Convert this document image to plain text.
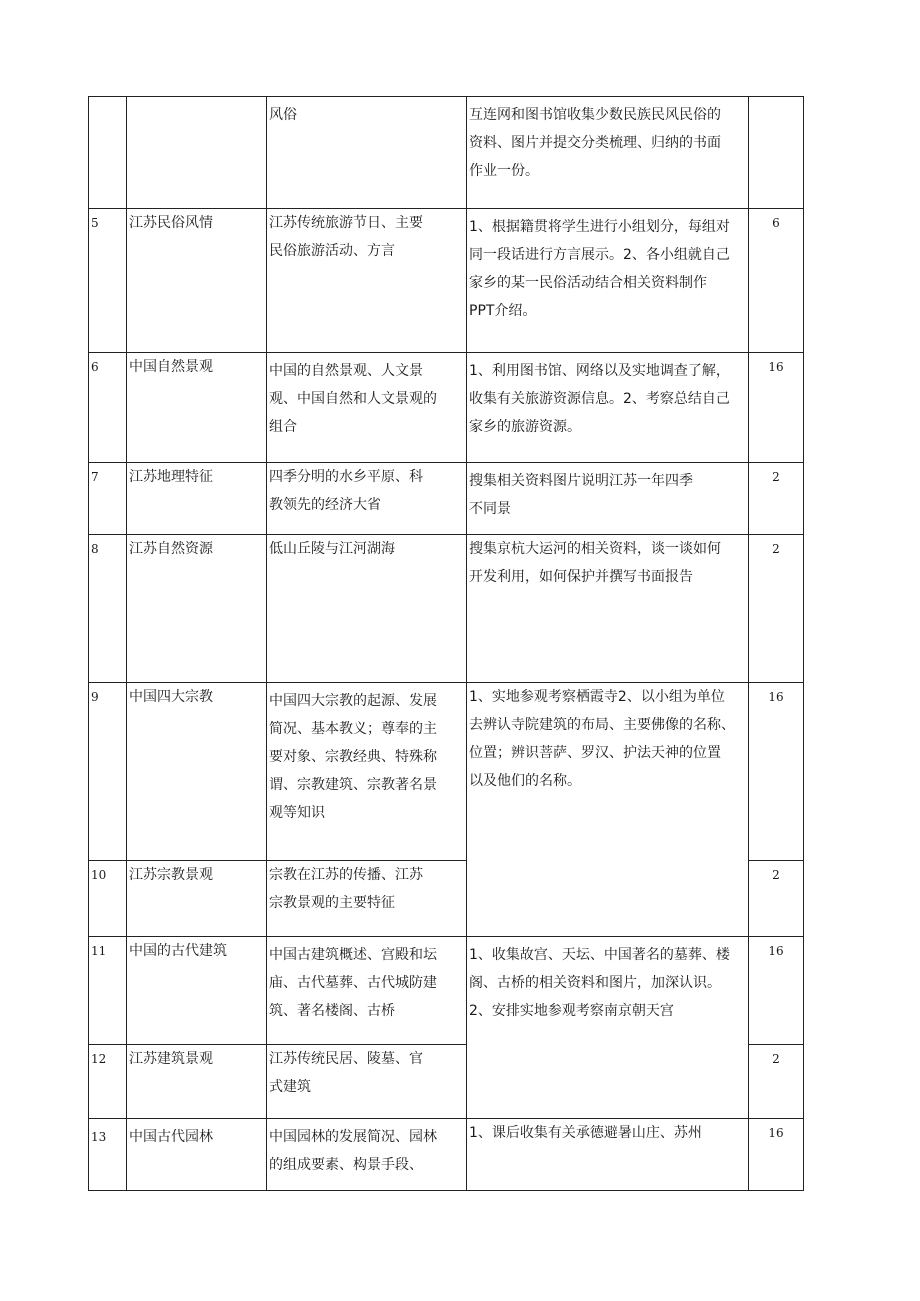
		风俗	互连网和图书馆收集少数民族民风民俗的
资料、图片并提交分类梳理、归纳的书面
作业一份。	

5	江苏民俗风情	江苏传统旅游节日、主要
民俗旅游活动、方言	1、根据籍贯将学生进行小组划分，每组对
同一段话进行方言展示。2、各小组就自己
家乡的某一民俗活动结合相关资料制作
PPT介绍。	6
6	中国自然景观	中国的自然景观、人文景
观、中国自然和人文景观的
组合	1、利用图书馆、网络以及实地调查了解，
收集有关旅游资源信息。2、考察总结自己
家乡的旅游资源。	16
7	江苏地理特征	四季分明的水乡平原、科
教领先的经济大省	搜集相关资料图片说明江苏一年四季
不同景	2
8	江苏自然资源	低山丘陵与江河湖海	搜集京杭大运河的相关资料，谈一谈如何
开发利用，如何保护并撰写书面报告	2
9	中国四大宗教	中国四大宗教的起源、发展
简况、基本教义；尊奉的主
要对象、宗教经典、特殊称
谓、宗教建筑、宗教著名景
观等知识	1、实地参观考察栖霞寺2、以小组为单位
去辨认寺院建筑的布局、主要佛像的名称、
位置；辨识菩萨、罗汉、护法天神的位置
以及他们的名称。	16
10	江苏宗教景观	宗教在江苏的传播、江苏
宗教景观的主要特征		2
11	中国的古代建筑	中国古建筑概述、宫殿和坛
庙、古代墓葬、古代城防建
筑、著名楼阁、古桥	1、收集故宫、天坛、中国著名的墓葬、楼
阁、古桥的相关资料和图片，加深认识。
2、安排实地参观考察南京朝天宫	16
12	江苏建筑景观	江苏传统民居、陵墓、官
式建筑		2
13	中国古代园林	中国园林的发展简况、园林
的组成要素、构景手段、	1、课后收集有关承德避暑山庄、苏州	16
